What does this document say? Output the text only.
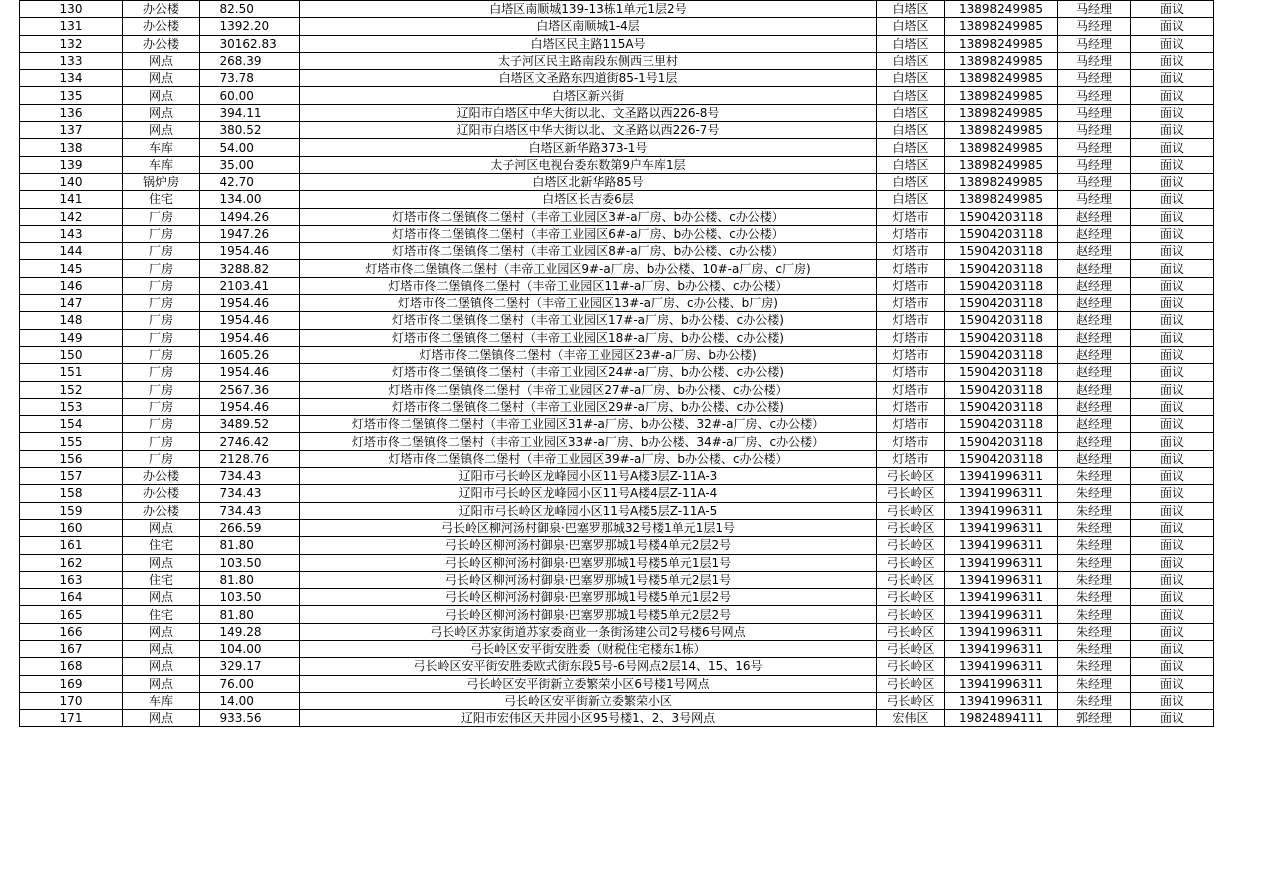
130	办公楼	82.50	白塔区南顺城139-13栋1单元1层2号	白塔区	13898249985	马经理	面议
131	办公楼	1392.20	白塔区南顺城1-4层	白塔区	13898249985	马经理	面议
132	办公楼	30162.83	白塔区民主路115A号	白塔区	13898249985	马经理	面议
133	网点	268.39	太子河区民主路南段东侧西三里村	白塔区	13898249985	马经理	面议
134	网点	73.78	白塔区文圣路东四道街85-1号1层	白塔区	13898249985	马经理	面议
135	网点	60.00	白塔区新兴街	白塔区	13898249985	马经理	面议
136	网点	394.11	辽阳市白塔区中华大街以北、文圣路以西226-8号	白塔区	13898249985	马经理	面议
137	网点	380.52	辽阳市白塔区中华大街以北、文圣路以西226-7号	白塔区	13898249985	马经理	面议
138	车库	54.00	白塔区新华路373-1号	白塔区	13898249985	马经理	面议
139	车库	35.00	太子河区电视台委东数第9户车库1层	白塔区	13898249985	马经理	面议
140	锅炉房	42.70	白塔区北新华路85号	白塔区	13898249985	马经理	面议
141	住宅	134.00	白塔区长吉委6层	白塔区	13898249985	马经理	面议
142	厂房	1494.26	灯塔市佟二堡镇佟二堡村（丰帝工业园区3#-a厂房、b办公楼、c办公楼）	灯塔市	15904203118	赵经理	面议
143	厂房	1947.26	灯塔市佟二堡镇佟二堡村（丰帝工业园区6#-a厂房、b办公楼、c办公楼）	灯塔市	15904203118	赵经理	面议
144	厂房	1954.46	灯塔市佟二堡镇佟二堡村（丰帝工业园区8#-a厂房、b办公楼、c办公楼）	灯塔市	15904203118	赵经理	面议
145	厂房	3288.82	灯塔市佟二堡镇佟二堡村（丰帝工业园区9#-a厂房、b办公楼、10#-a厂房、c厂房)	灯塔市	15904203118	赵经理	面议
146	厂房	2103.41	灯塔市佟二堡镇佟二堡村（丰帝工业园区11#-a厂房、b办公楼、c办公楼）	灯塔市	15904203118	赵经理	面议
147	厂房	1954.46	灯塔市佟二堡镇佟二堡村（丰帝工业园区13#-a厂房、c办公楼、b厂房)	灯塔市	15904203118	赵经理	面议
148	厂房	1954.46	灯塔市佟二堡镇佟二堡村（丰帝工业园区17#-a厂房、b办公楼、c办公楼)	灯塔市	15904203118	赵经理	面议
149	厂房	1954.46	灯塔市佟二堡镇佟二堡村（丰帝工业园区18#-a厂房、b办公楼、c办公楼)	灯塔市	15904203118	赵经理	面议
150	厂房	1605.26	灯塔市佟二堡镇佟二堡村（丰帝工业园区23#-a厂房、b办公楼)	灯塔市	15904203118	赵经理	面议
151	厂房	1954.46	灯塔市佟二堡镇佟二堡村（丰帝工业园区24#-a厂房、b办公楼、c办公楼)	灯塔市	15904203118	赵经理	面议
152	厂房	2567.36	灯塔市佟二堡镇佟二堡村（丰帝工业园区27#-a厂房、b办公楼、c办公楼）	灯塔市	15904203118	赵经理	面议
153	厂房	1954.46	灯塔市佟二堡镇佟二堡村（丰帝工业园区29#-a厂房、b办公楼、c办公楼)	灯塔市	15904203118	赵经理	面议
154	厂房	3489.52	灯塔市佟二堡镇佟二堡村（丰帝工业园区31#-a厂房、b办公楼、32#-a厂房、c办公楼）	灯塔市	15904203118	赵经理	面议
155	厂房	2746.42	灯塔市佟二堡镇佟二堡村（丰帝工业园区33#-a厂房、b办公楼、34#-a厂房、c办公楼）	灯塔市	15904203118	赵经理	面议
156	厂房	2128.76	灯塔市佟二堡镇佟二堡村（丰帝工业园区39#-a厂房、b办公楼、c办公楼）	灯塔市	15904203118	赵经理	面议
157	办公楼	734.43	辽阳市弓长岭区龙峰园小区11号A楼3层Z-11A-3	弓长岭区	13941996311	朱经理	面议
158	办公楼	734.43	辽阳市弓长岭区龙峰园小区11号A楼4层Z-11A-4	弓长岭区	13941996311	朱经理	面议
159	办公楼	734.43	辽阳市弓长岭区龙峰园小区11号A楼5层Z-11A-5	弓长岭区	13941996311	朱经理	面议
160	网点	266.59	弓长岭区柳河汤村御泉·巴塞罗那城32号楼1单元1层1号	弓长岭区	13941996311	朱经理	面议
161	住宅	81.80	弓长岭区柳河汤村御泉·巴塞罗那城1号楼4单元2层2号	弓长岭区	13941996311	朱经理	面议
162	网点	103.50	弓长岭区柳河汤村御泉·巴塞罗那城1号楼5单元1层1号	弓长岭区	13941996311	朱经理	面议
163	住宅	81.80	弓长岭区柳河汤村御泉·巴塞罗那城1号楼5单元2层1号	弓长岭区	13941996311	朱经理	面议
164	网点	103.50	弓长岭区柳河汤村御泉·巴塞罗那城1号楼5单元1层2号	弓长岭区	13941996311	朱经理	面议
165	住宅	81.80	弓长岭区柳河汤村御泉·巴塞罗那城1号楼5单元2层2号	弓长岭区	13941996311	朱经理	面议
166	网点	149.28	弓长岭区苏家街道苏家委商业一条街汤建公司2号楼6号网点	弓长岭区	13941996311	朱经理	面议
167	网点	104.00	弓长岭区安平街安胜委（财税住宅楼东1栋）	弓长岭区	13941996311	朱经理	面议
168	网点	329.17	弓长岭区安平街安胜委欧式街东段5号-6号网点2层14、15、16号	弓长岭区	13941996311	朱经理	面议
169	网点	76.00	弓长岭区安平街新立委繁荣小区6号楼1号网点	弓长岭区	13941996311	朱经理	面议
170	车库	14.00	弓长岭区安平街新立委繁荣小区	弓长岭区	13941996311	朱经理	面议
171	网点	933.56	辽阳市宏伟区天井园小区95号楼1、2、3号网点	宏伟区	19824894111	郭经理	面议
